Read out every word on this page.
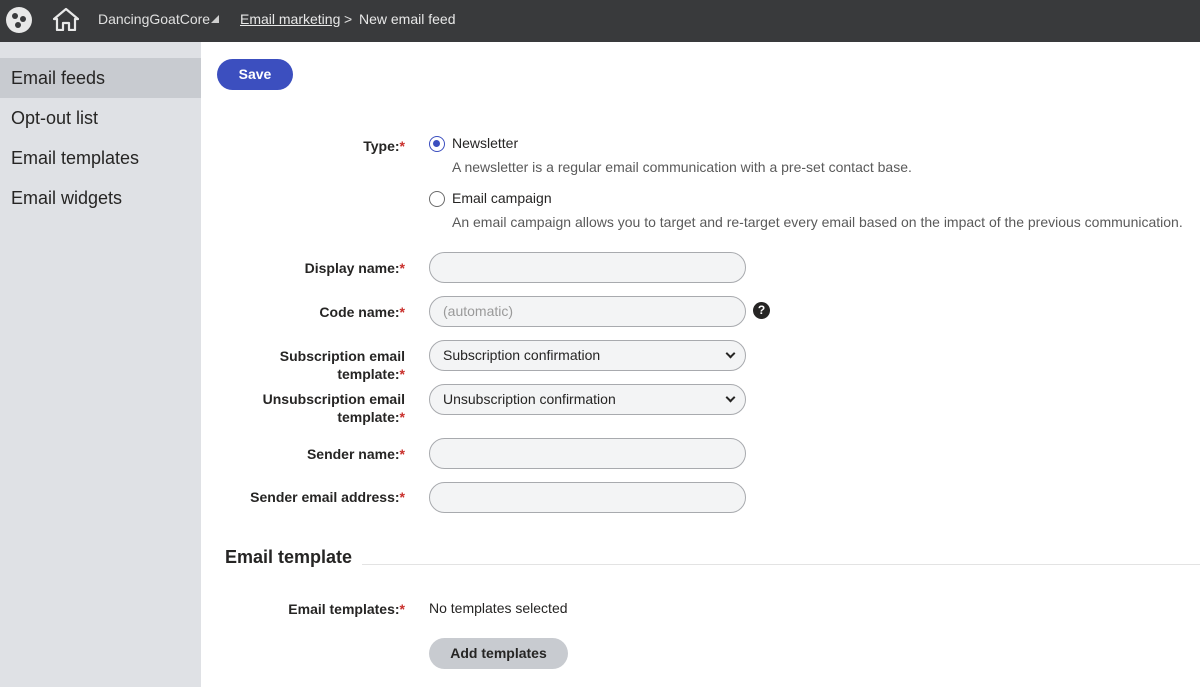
DancingGoatCore Email marketing > New email feed
Email feeds
Opt-out list
Email templates
Email widgets
Save
Type:*	Newsletter
A newsletter is a regular email communication with a pre-set contact base.
Email campaign
An email campaign allows you to target and re-target every email based on the impact of the previous communication.
Display name:*
Code name:*	(automatic)	?
Subscription email template:*
Subscription confirmation
Unsubscription email
template:*
Unsubscription confirmation
Sender name:*
Sender email address:*
Email template
Email templates:* No templates selected
Add templates
